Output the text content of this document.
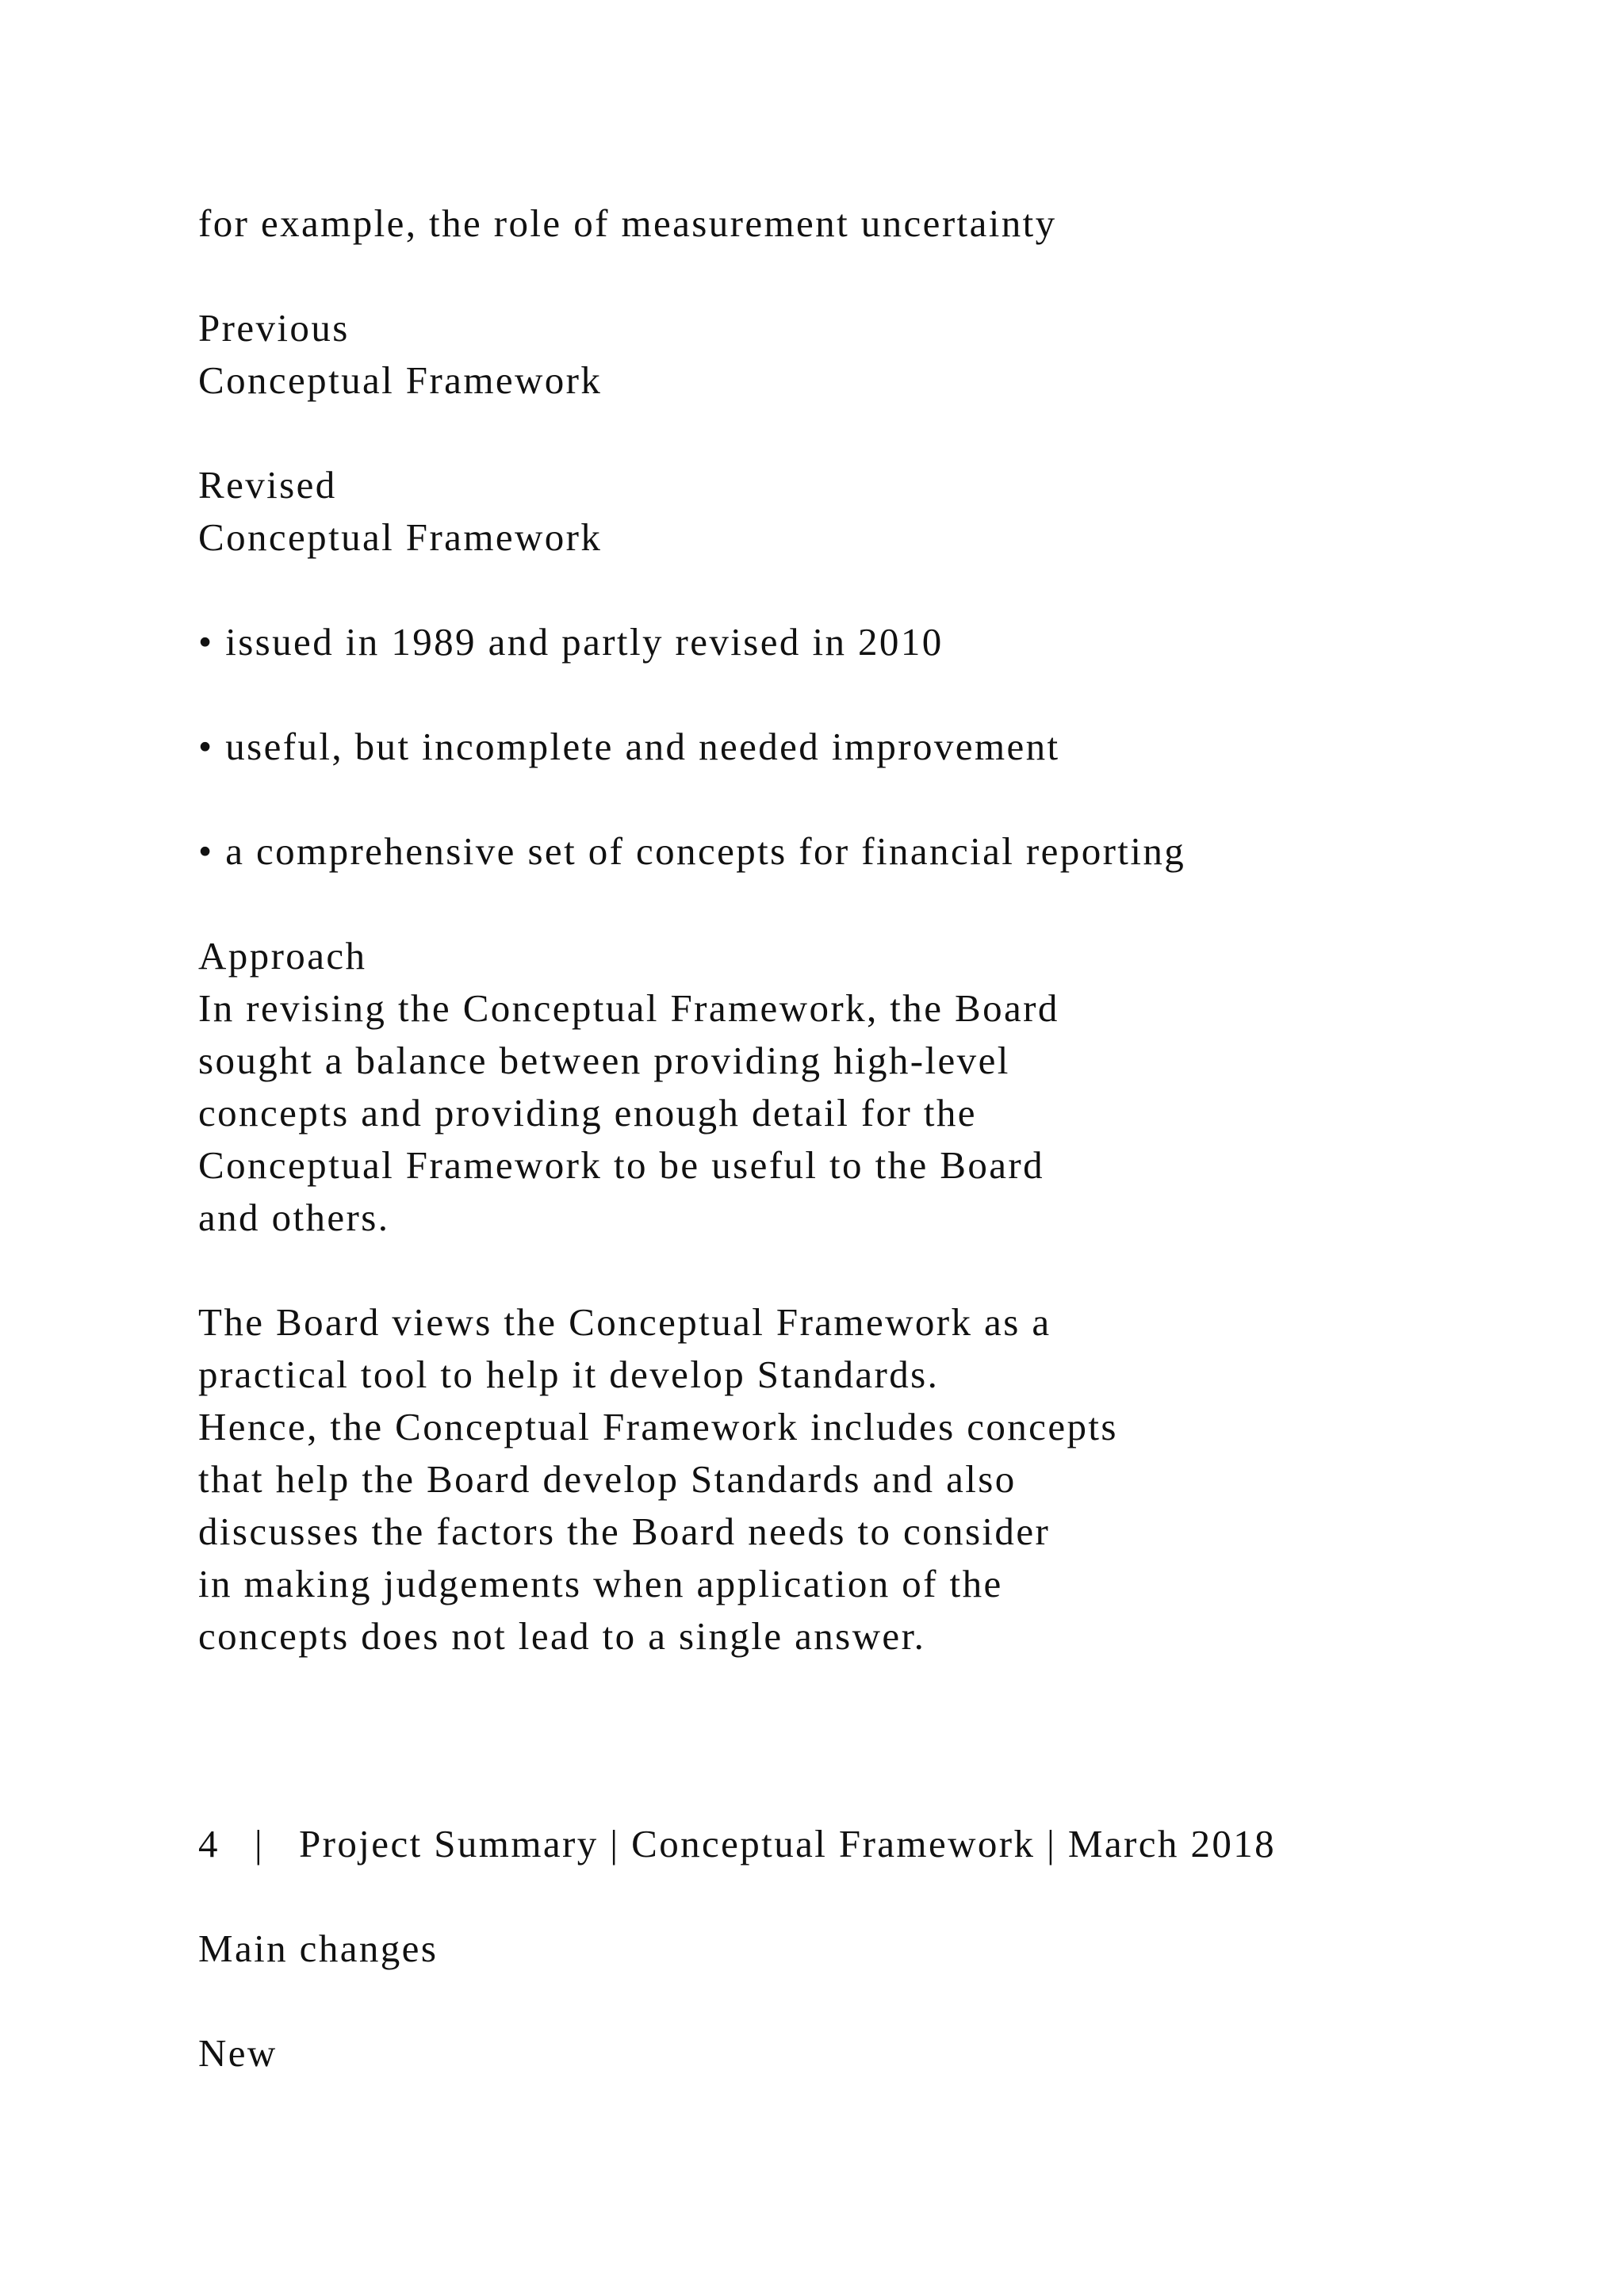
for example, the role of measurement uncertainty

Previous

Conceptual Framework

Revised

Conceptual Framework

• issued in 1989 and partly revised in 2010

• useful, but incomplete and needed improvement

• a comprehensive set of concepts for financial reporting

Approach

In revising the Conceptual Framework, the Board

sought a balance between providing high-level

concepts and providing enough detail for the

Conceptual Framework to be useful to the Board

and others.

The Board views the Conceptual Framework as a

practical tool to help it develop Standards.

Hence, the Conceptual Framework includes concepts

that help the Board develop Standards and also

discusses the factors the Board needs to consider

in making judgements when application of the

concepts does not lead to a single answer.

4   |   Project Summary | Conceptual Framework | March 2018

Main changes

New
